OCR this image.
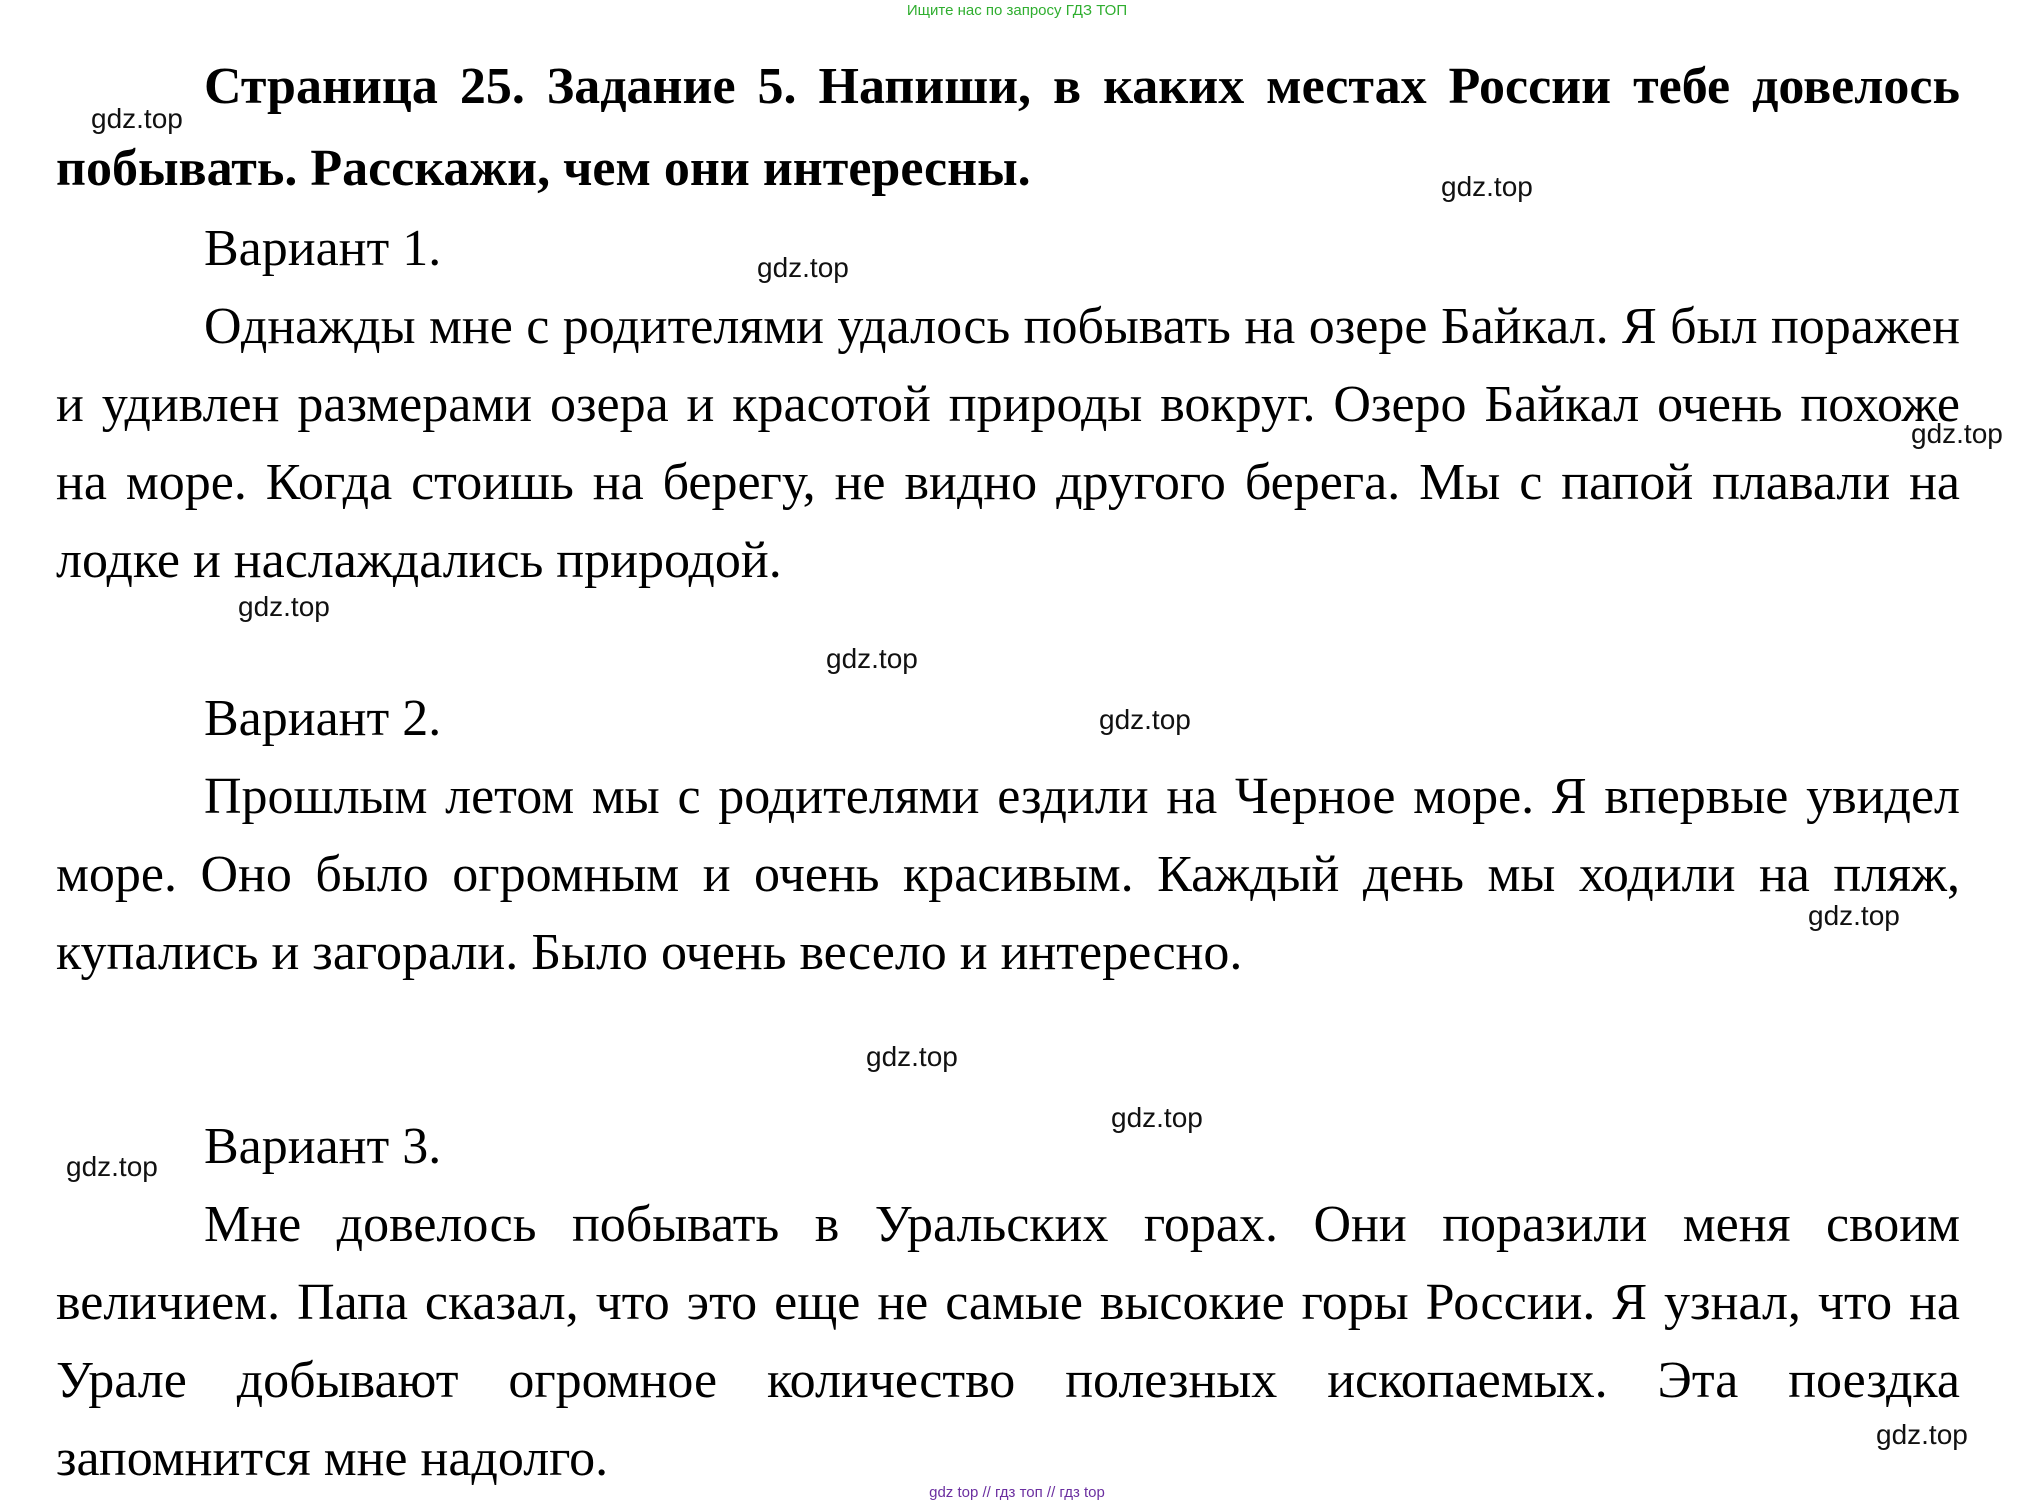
Ищите нас по запросу ГДЗ ТОП

Страница 25. Задание 5. Напиши, в каких местах России тебе довелось побывать. Расскажи, чем они интересны.

Вариант 1.

Однажды мне с родителями удалось побывать на озере Байкал. Я был поражен и удивлен размерами озера и красотой природы вокруг. Озеро Байкал очень похоже на море. Когда стоишь на берегу, не видно другого берега. Мы с папой плавали на лодке и наслаждались природой.

Вариант 2.

Прошлым летом мы с родителями ездили на Черное море. Я впервые увидел море. Оно было огромным и очень красивым. Каждый день мы ходили на пляж, купались и загорали. Было очень весело и интересно.

Вариант 3.

Мне довелось побывать в Уральских горах. Они поразили меня своим величием. Папа сказал, что это еще не самые высокие горы России. Я узнал, что на Урале добывают огромное количество полезных ископаемых. Эта поездка запомнится мне надолго.

gdz.top
gdz.top
gdz.top
gdz.top
gdz.top
gdz.top
gdz.top
gdz.top
gdz.top
gdz.top
gdz.top
gdz.top
gdz top // гдз топ // гдз top
